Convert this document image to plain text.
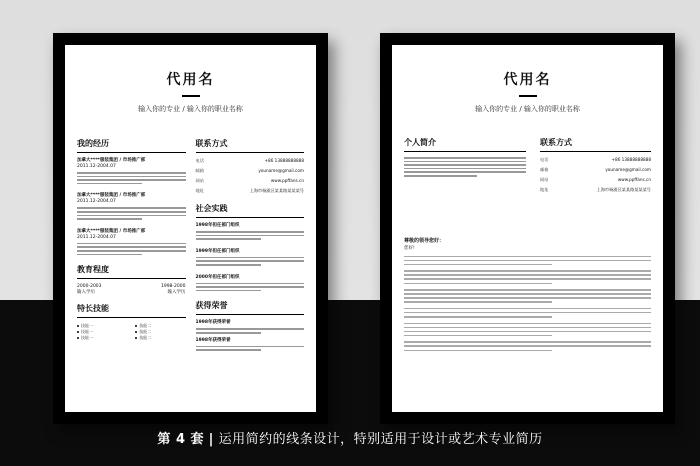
代用名
输入你的专业 / 输入你的职业名称
我的经历
加拿大****服装集团 / 市场推广部
2011.12-2004.07
加拿大****服装集团 / 市场推广部
2011.12-2004.07
加拿大****服装集团 / 市场推广部
2011.12-2004.07
教育程度
2000-2003	1998-2000
输入学历	输入学历
特长技能
技能一	技能二
技能一	技能二
技能一	技能二
联系方式
电话	+86 13888888888
邮箱	youname@gmail.com
网站	www.ppffans.cn
地址	上海市杨浦区某某路某某某号
社会实践
1998年担任部门组织
1999年担任部门组织
2000年担任部门组织
获得荣誉
1998年获得荣誉
1998年获得荣誉
代用名
输入你的专业 / 输入你的职业名称
个人简介	联系方式
电话	+86 13888888888
邮箱	youname@gmail.com
网站	www.ppffans.cn
地址	上海市杨浦区某某路某某某号
尊敬的领导您好：
您好!
第 4 套 | 运用简约的线条设计，特别适用于设计或艺术专业简历
